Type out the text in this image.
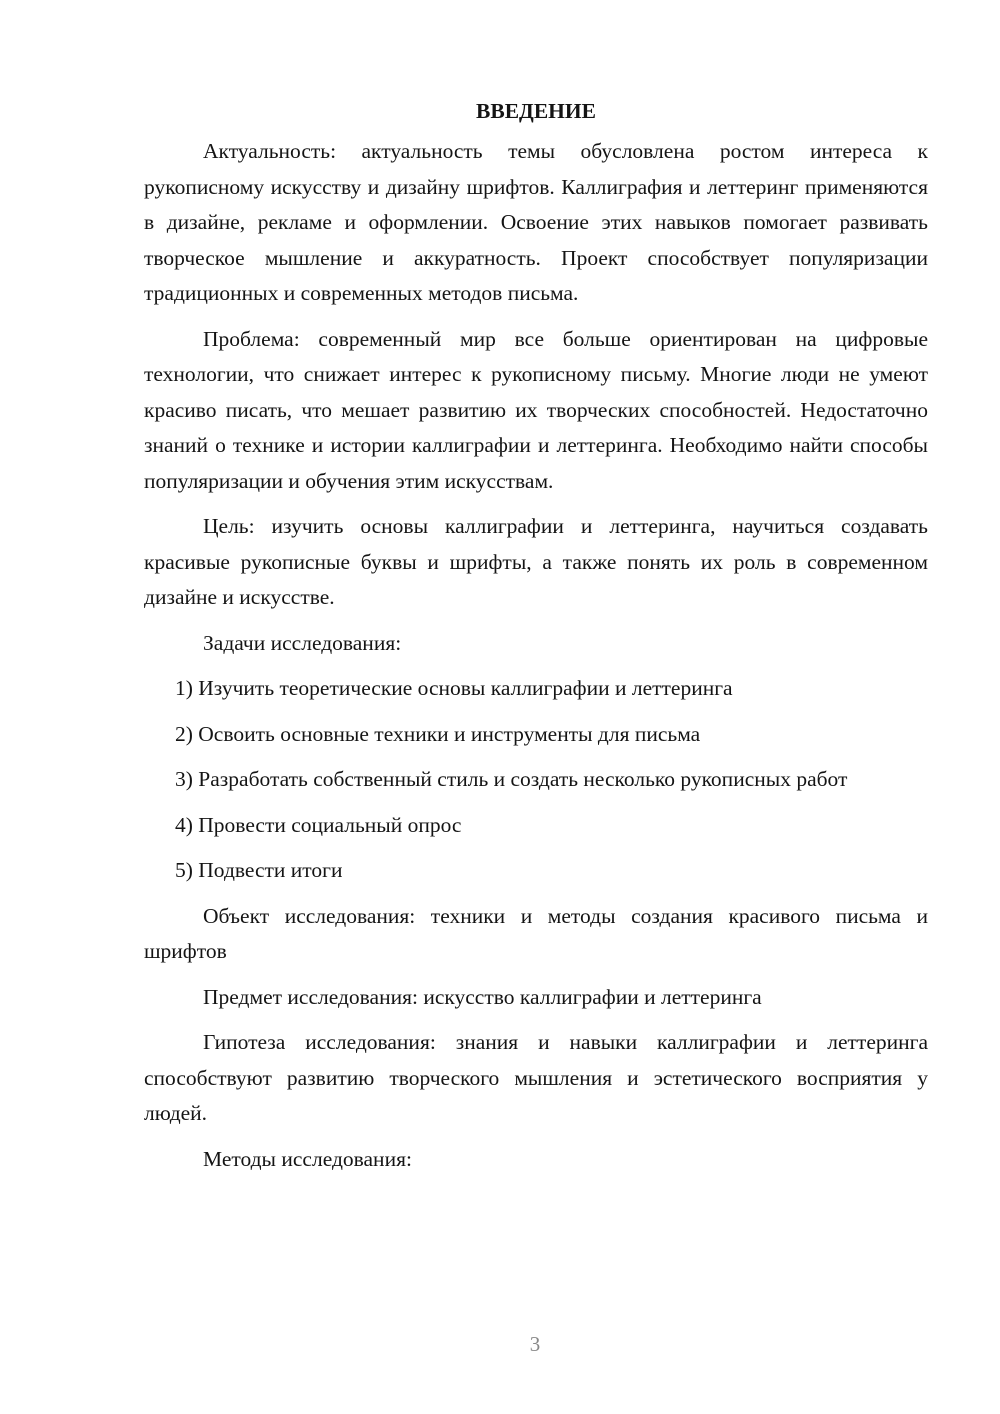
ВВЕДЕНИЕ

Актуальность: актуальность темы обусловлена ростом интереса к рукописному искусству и дизайну шрифтов. Каллиграфия и леттеринг применяются в дизайне, рекламе и оформлении. Освоение этих навыков помогает развивать творческое мышление и аккуратность. Проект способствует популяризации традиционных и современных методов письма.

Проблема: современный мир все больше ориентирован на цифровые технологии, что снижает интерес к рукописному письму. Многие люди не умеют красиво писать, что мешает развитию их творческих способностей. Недостаточно знаний о технике и истории каллиграфии и леттеринга. Необходимо найти способы популяризации и обучения этим искусствам.

Цель: изучить основы каллиграфии и леттеринга, научиться создавать красивые рукописные буквы и шрифты, а также понять их роль в современном дизайне и искусстве.

Задачи исследования:

1) Изучить теоретические основы каллиграфии и леттеринга

2) Освоить основные техники и инструменты для письма

3) Разработать собственный стиль и создать несколько рукописных работ

4) Провести социальный опрос

5) Подвести итоги

Объект исследования: техники и методы создания красивого письма и шрифтов

Предмет исследования: искусство каллиграфии и леттеринга

Гипотеза исследования: знания и навыки каллиграфии и леттеринга способствуют развитию творческого мышления и эстетического восприятия у людей.

Методы исследования:

3
